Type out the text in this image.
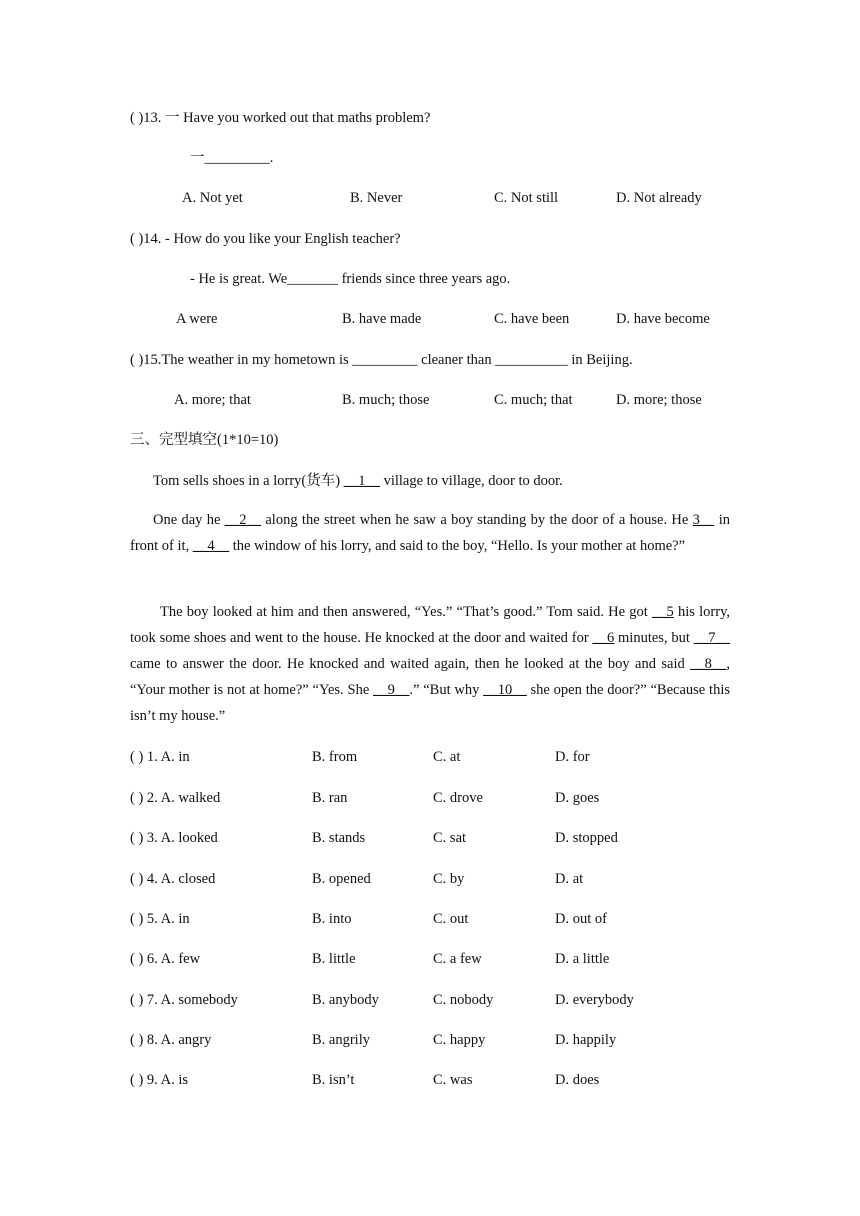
( )13. 一 Have you worked out that maths problem?
一_________.
A. Not yet	B. Never	C. Not still	D. Not already
( )14. - How do you like your English teacher?
- He is great. We_______ friends since three years ago.
A were	B. have made	C. have been	D. have become
( )15.The weather in my hometown is _________ cleaner than __________ in Beijing.
A. more; that	B. much; those	C. much; that	D. more; those
三、完型填空(1*10=10)
Tom sells shoes in a lorry(货车) __1__ village to village, door to door.
One day he __2__ along the street when he saw a boy standing by the door of a house. He 3__ in front of it, __4__ the window of his lorry, and said to the boy, “Hello. Is your mother at home?”
The boy looked at him and then answered, “Yes.” “That’s good.” Tom said. He got __5 his lorry, took some shoes and went to the house. He knocked at the door and waited for __6 minutes, but __7__ came to answer the door. He knocked and waited again, then he looked at the boy and said __8__, “Your mother is not at home?” “Yes. She __9__.” “But why __10__ she open the door?” “Because this isn’t my house.”
( ) 1. A. in	B. from	C. at	D. for
( ) 2. A. walked	B. ran	C. drove	D. goes
( ) 3. A. looked	B. stands	C. sat	D. stopped
( ) 4. A. closed	B. opened	C. by	D. at
( ) 5. A. in	B. into	C. out	D. out of
( ) 6. A. few	B. little	C. a few	D. a little
( ) 7. A. somebody	B. anybody	C. nobody	D. everybody
( ) 8. A. angry	B. angrily	C. happy	D. happily
( ) 9. A. is	B. isn’t	C. was	D. does
